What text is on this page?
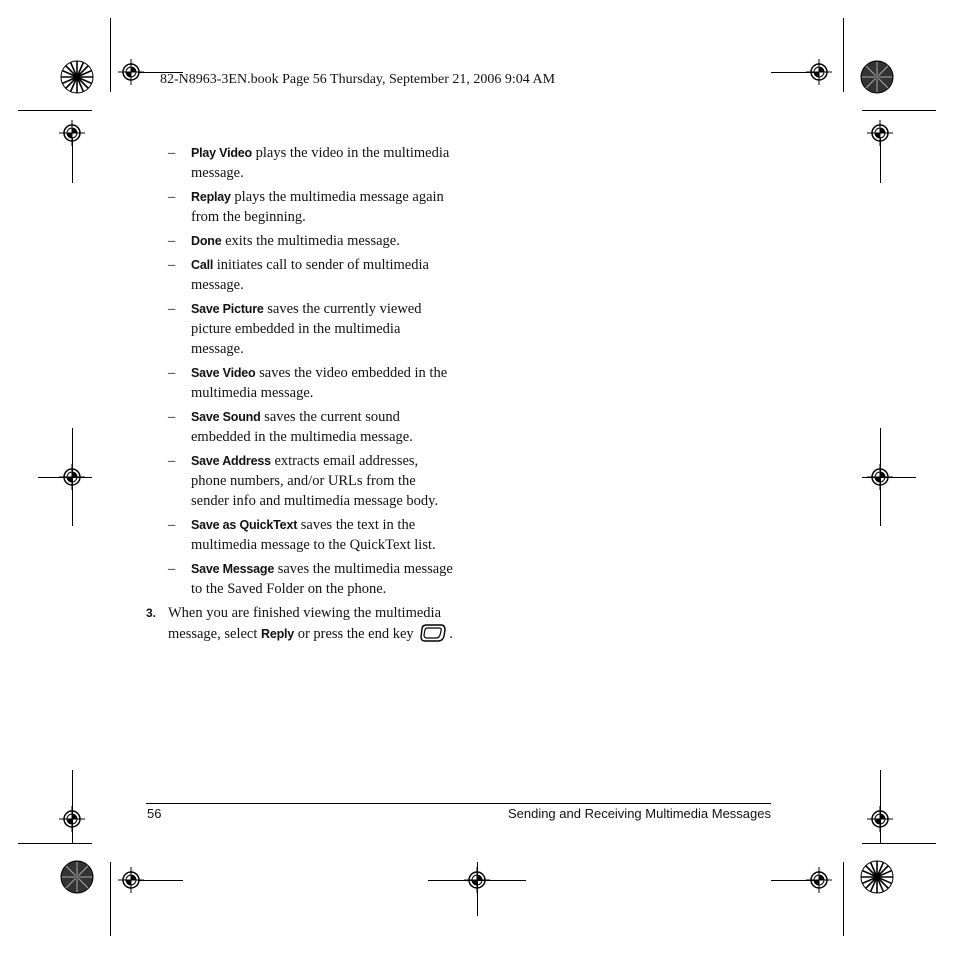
82-N8963-3EN.book Page 56 Thursday, September 21, 2006 9:04 AM
– Play Video plays the video in the multimedia message.
– Replay plays the multimedia message again from the beginning.
– Done exits the multimedia message.
– Call initiates call to sender of multimedia message.
– Save Picture saves the currently viewed picture embedded in the multimedia message.
– Save Video saves the video embedded in the multimedia message.
– Save Sound saves the current sound embedded in the multimedia message.
– Save Address extracts email addresses, phone numbers, and/or URLs from the sender info and multimedia message body.
– Save as QuickText saves the text in the multimedia message to the QuickText list.
– Save Message saves the multimedia message to the Saved Folder on the phone.
3. When you are finished viewing the multimedia message, select Reply or press the end key .
56	Sending and Receiving Multimedia Messages
